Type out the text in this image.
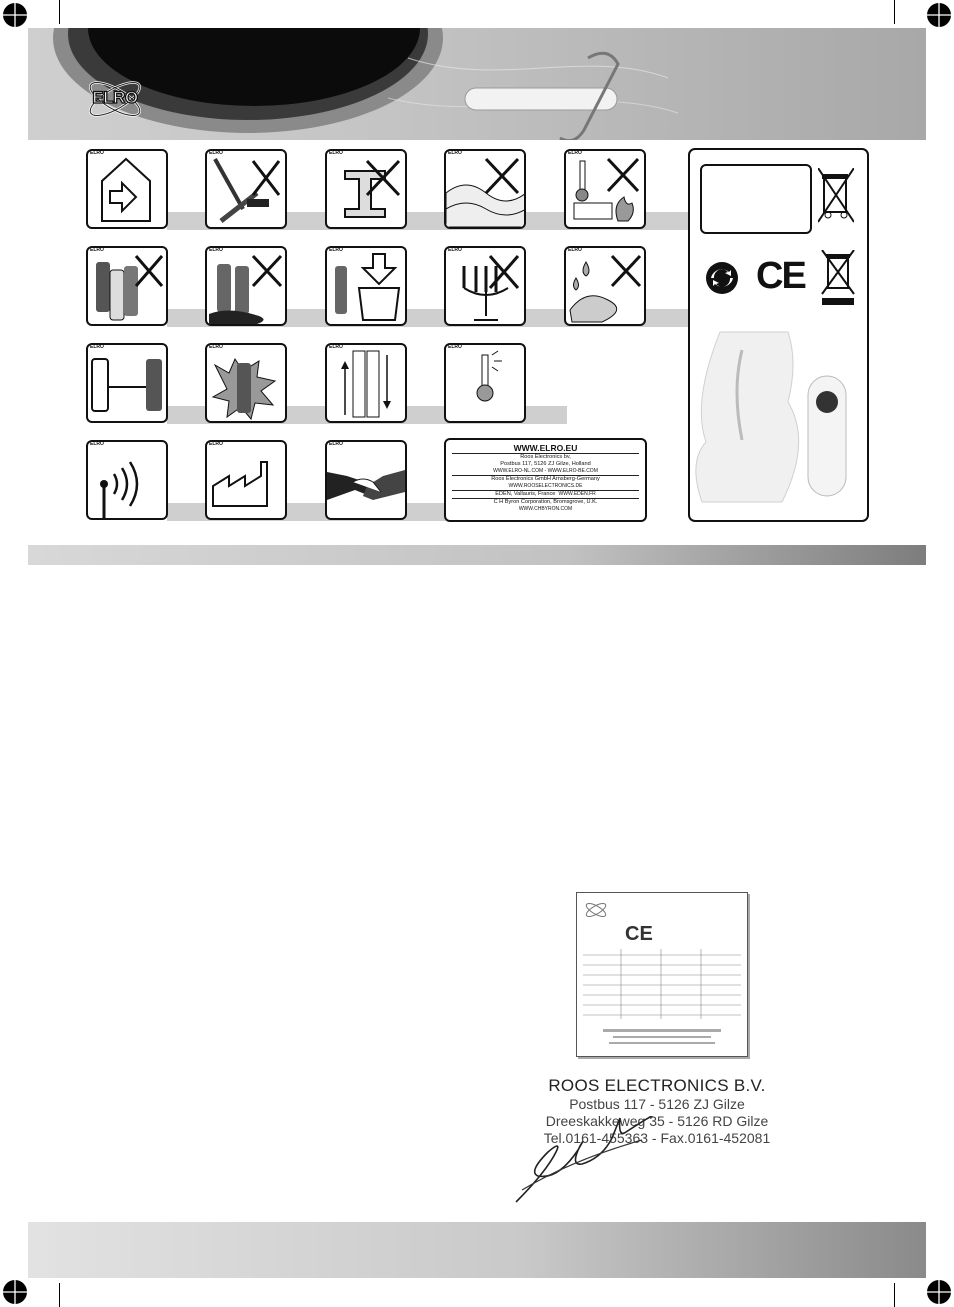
ELRO
ELRO	ELRO	ELRO	ELRO	ELRO
ELRO	ELRO	ELRO	ELRO	ELRO
ELRO	ELRO	ELRO	ELRO
ELRO	ELRO	ELRO	WWW.ELRO.EU
Roos Electronics bv,
Postbus 117, 5126 ZJ Gilze, Holland
WWW.ELRO-NL.COM - WWW.ELRO-BE.COM
Roos Electronics GmbH Arnsberg-Germany
WWW.ROOSELECTRONICS.DE
EDEN, Vallauris, France WWW.EDEN.FR
C H Byron Corporation, Bromsgrove, U.K.
WWW.CHBYRON.COM
CE
CE
ROOS ELECTRONICS B.V.
Postbus 117 - 5126 ZJ Gilze
Dreeskakkeweg 35 - 5126 RD Gilze
Tel.0161-455363 - Fax.0161-452081
